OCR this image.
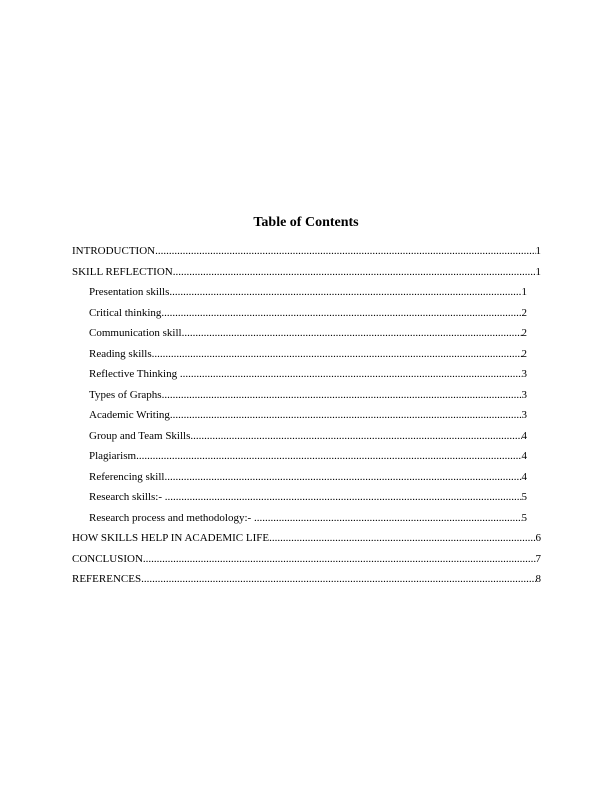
Table of Contents
INTRODUCTION .....	1
SKILL REFLECTION .....	1
Presentation skills .....	1
Critical thinking .....	2
Communication skill .....	2
Reading skills .....	2
Reflective Thinking .....	3
Types of Graphs .....	3
Academic Writing .....	3
Group and Team Skills .....	4
Plagiarism .....	4
Referencing skill .....	4
Research skills:- .....	5
Research process and methodology:- .....	5
HOW SKILLS HELP IN ACADEMIC LIFE .....	6
CONCLUSION .....	7
REFERENCES .....	8
